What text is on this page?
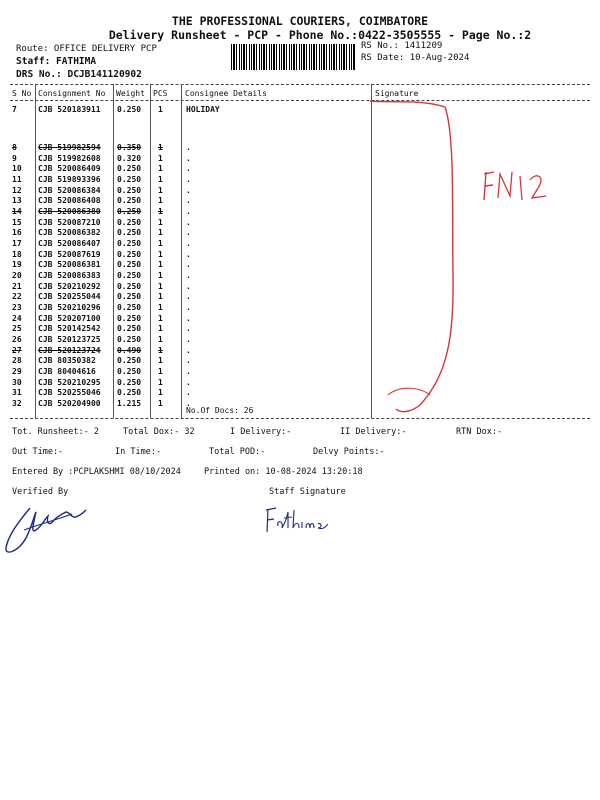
THE PROFESSIONAL COURIERS, COIMBATORE
Delivery Runsheet - PCP - Phone No.:0422-3505555 - Page No.:2
Route: OFFICE DELIVERY PCP
Staff: FATHIMA
DRS No.: DCJB141120902
RS No.: 1411209
RS Date: 10-Aug-2024
S No Consignment No Weight PCS Consignee Details	Signature
7	CJB 520183911 0.250 1	HOLIDAY
8	CJB 519982594 0.350 1	.
9	CJB 519982608 0.320 1	.
10 CJB 520086409 0.250 1	.
11 CJB 519893396 0.250 1	.
12 CJB 520086384 0.250 1	.
13 CJB 520086408 0.250 1	.
14 CJB 520086380 0.250 1	.
15 CJB 520087210 0.250 1	.
16 CJB 520086382 0.250 1	.
17 CJB 520086407 0.250 1	.
18 CJB 520087619 0.250 1	.
19 CJB 520086381 0.250 1	.
20 CJB 520086383 0.250 1	.
21 CJB 520210292 0.250 1	.
22 CJB 520255044 0.250 1	.
23 CJB 520210296 0.250 1	.
24 CJB 520207100 0.250 1	.
25 CJB 520142542 0.250 1	.
26 CJB 520123725 0.250 1	.
27 CJB 520123724 0.490 1	.
28 CJB 80350382	0.250 1	.
29 CJB 80404616	0.250 1	.
30 CJB 520210295 0.250 1	.
31 CJB 520255046 0.250 1	.
32 CJB 520204900 1.215 1	.
No.Of Docs: 26
Tot. Runsheet:- 2	Total Dox:- 32	I Delivery:-	II Delivery:-	RTN Dox:-
Out Time:-	In Time:-	Total POD:-	Delvy Points:-
Entered By :PCPLAKSHMI 08/10/2024	Printed on: 10-08-2024 13:20:18
Verified By	Staff Signature
